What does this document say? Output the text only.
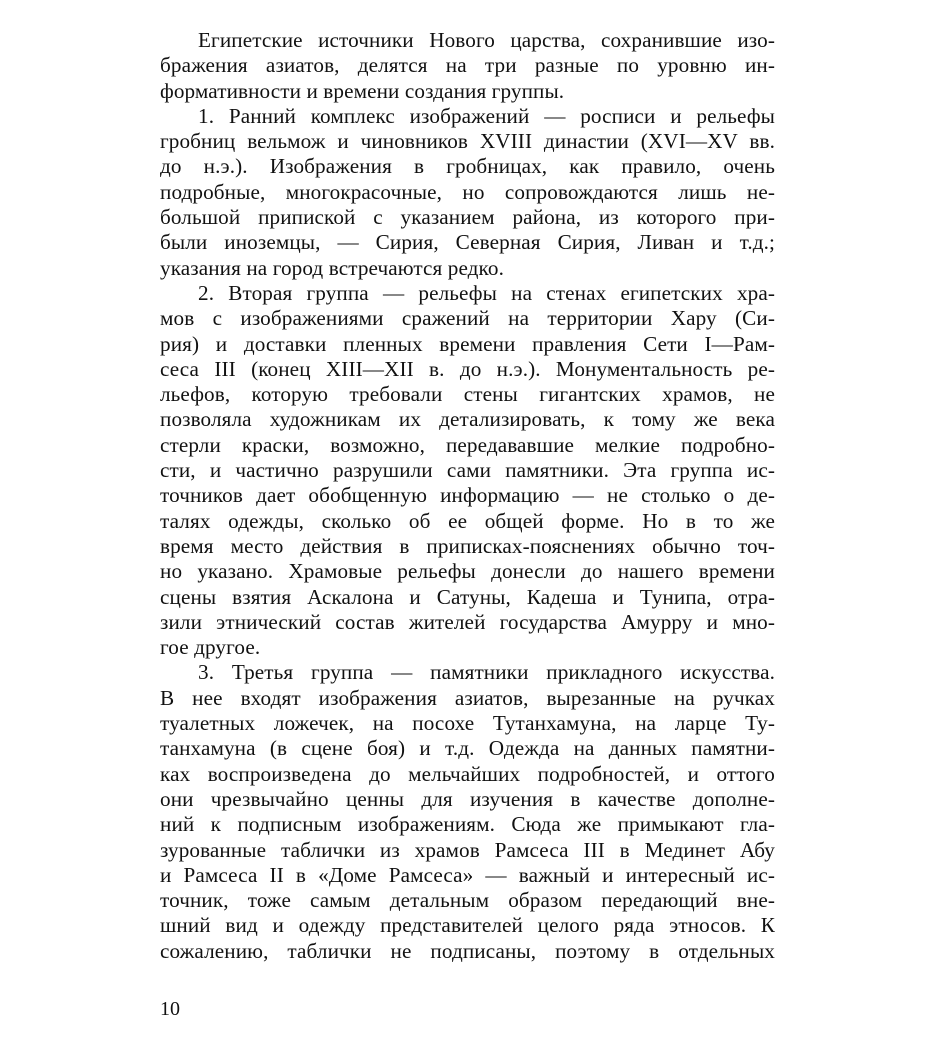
Египетские источники Нового царства, сохранившие изо-
бражения азиатов, делятся на три разные по уровню ин-
формативности и времени создания группы.
1. Ранний комплекс изображений — росписи и рельефы
гробниц вельмож и чиновников XVIII династии (XVI—XV вв.
до н.э.). Изображения в гробницах, как правило, очень
подробные, многокрасочные, но сопровождаются лишь не-
большой припиской с указанием района, из которого при-
были иноземцы, — Сирия, Северная Сирия, Ливан и т.д.;
указания на город встречаются редко.
2. Вторая группа — рельефы на стенах египетских хра-
мов с изображениями сражений на территории Хару (Си-
рия) и доставки пленных времени правления Сети I—Рам-
сеса III (конец XIII—XII в. до н.э.). Монументальность ре-
льефов, которую требовали стены гигантских храмов, не
позволяла художникам их детализировать, к тому же века
стерли краски, возможно, передававшие мелкие подробно-
сти, и частично разрушили сами памятники. Эта группа ис-
точников дает обобщенную информацию — не столько о де-
талях одежды, сколько об ее общей форме. Но в то же
время место действия в приписках-пояснениях обычно точ-
но указано. Храмовые рельефы донесли до нашего времени
сцены взятия Аскалона и Сатуны, Кадеша и Тунипа, отра-
зили этнический состав жителей государства Амурру и мно-
гое другое.
3. Третья группа — памятники прикладного искусства.
В нее входят изображения азиатов, вырезанные на ручках
туалетных ложечек, на посохе Тутанхамуна, на ларце Ту-
танхамуна (в сцене боя) и т.д. Одежда на данных памятни-
ках воспроизведена до мельчайших подробностей, и оттого
они чрезвычайно ценны для изучения в качестве дополне-
ний к подписным изображениям. Сюда же примыкают гла-
зурованные таблички из храмов Рамсеса III в Мединет Абу
и Рамсеса II в «Доме Рамсеса» — важный и интересный ис-
точник, тоже самым детальным образом передающий вне-
шний вид и одежду представителей целого ряда этносов. К
сожалению, таблички не подписаны, поэтому в отдельных
10
